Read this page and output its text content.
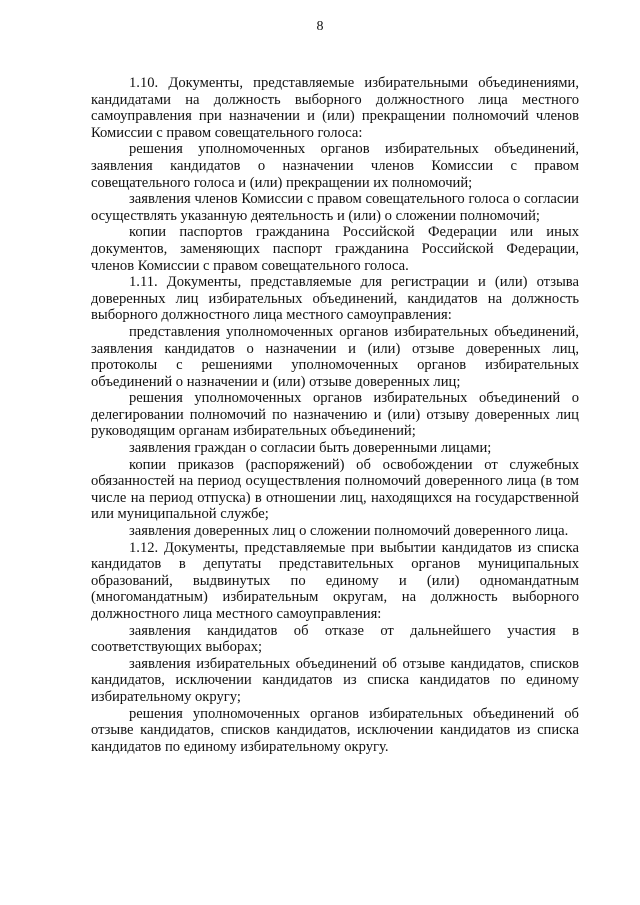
8

1.10. Документы, представляемые избирательными объединениями, кандидатами на должность выборного должностного лица местного самоуправления при назначении и (или) прекращении полномочий членов Комиссии с правом совещательного голоса:

решения уполномоченных органов избирательных объединений, заявления кандидатов о назначении членов Комиссии с правом совещательного голоса и (или) прекращении их полномочий;

заявления членов Комиссии с правом совещательного голоса о согласии осуществлять указанную деятельность и (или) о сложении полномочий;

копии паспортов гражданина Российской Федерации или иных документов, заменяющих паспорт гражданина Российской Федерации, членов Комиссии с правом совещательного голоса.

1.11. Документы, представляемые для регистрации и (или) отзыва доверенных лиц избирательных объединений, кандидатов на должность выборного должностного лица местного самоуправления:

представления уполномоченных органов избирательных объединений, заявления кандидатов о назначении и (или) отзыве доверенных лиц, протоколы с решениями уполномоченных органов избирательных объединений о назначении и (или) отзыве доверенных лиц;

решения уполномоченных органов избирательных объединений о делегировании полномочий по назначению и (или) отзыву доверенных лиц руководящим органам избирательных объединений;

заявления граждан о согласии быть доверенными лицами;

копии приказов (распоряжений) об освобождении от служебных обязанностей на период осуществления полномочий доверенного лица (в том числе на период отпуска) в отношении лиц, находящихся на государственной или муниципальной службе;

заявления доверенных лиц о сложении полномочий доверенного лица.

1.12. Документы, представляемые при выбытии кандидатов из списка кандидатов в депутаты представительных органов муниципальных образований, выдвинутых по единому и (или) одномандатным (многомандатным) избирательным округам, на должность выборного должностного лица местного самоуправления:

заявления кандидатов об отказе от дальнейшего участия в соответствующих выборах;

заявления избирательных объединений об отзыве кандидатов, списков кандидатов, исключении кандидатов из списка кандидатов по единому избирательному округу;

решения уполномоченных органов избирательных объединений об отзыве кандидатов, списков кандидатов, исключении кандидатов из списка кандидатов по единому избирательному округу.
